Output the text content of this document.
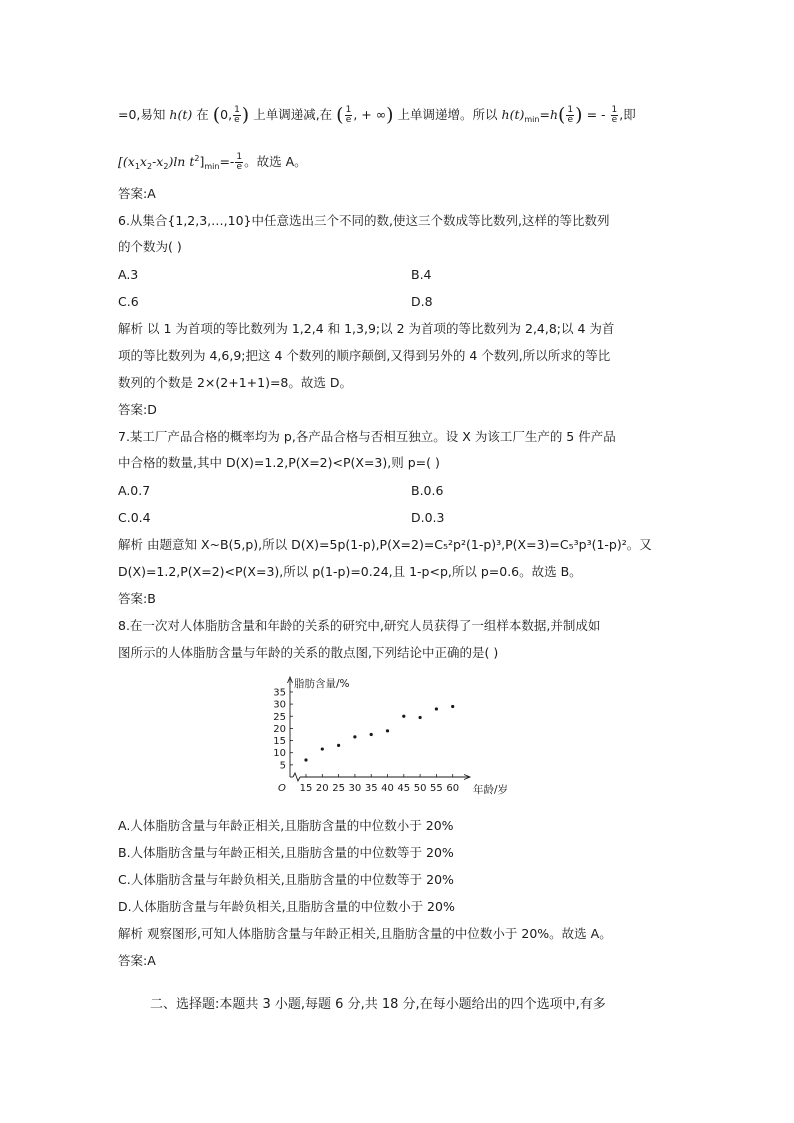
=0,易知 h(t) 在 (0, $\frac{1}{e}$ ) 上单调递减,在 ( $\frac{1}{e}$ , + ∞) 上单调递增。所以 $h(t)_{min}=h( \frac{1}{e}$ ) = - $\frac{1}{e}$ ,即
[$(x_1x_2-x_2)\ln$ $t^2]_{min}=- \frac{1}{e}$ 。故选 A。
答案:A
6.从集合{1,2,3,…,10}中任意选出三个不同的数,使这三个数成等比数列,这样的等比数列
的个数为( )
A.3	B.4
C.6	D.8
解析 以 1 为首项的等比数列为 1,2,4 和 1,3,9;以 2 为首项的等比数列为 2,4,8;以 4 为首
项的等比数列为 4,6,9;把这 4 个数列的顺序颠倒,又得到另外的 4 个数列,所以所求的等比
数列的个数是 2×(2+1+1)=8。故选 D。
答案:D
7.某工厂产品合格的概率均为 p,各产品合格与否相互独立。设 X 为该工厂生产的 5 件产品
中合格的数量,其中 D(X)=1.2,P(X=2)<P(X=3),则 p=( )
A.0.7	B.0.6
C.0.4	D.0.3
解析 由题意知 X~B(5,p),所以 D(X)=5p(1-p),P(X=2)=C₅²p²(1-p)³,P(X=3)=C₅³p³(1-p)²。又
D(X)=1.2,P(X=2)<P(X=3),所以 p(1-p)=0.24,且 1-p<p,所以 p=0.6。故选 B。
答案:B
8.在一次对人体脂肪含量和年龄的关系的研究中,研究人员获得了一组样本数据,并制成如
图所示的人体脂肪含量与年龄的关系的散点图,下列结论中正确的是( )
5
10
15
20
25
30
35
15 20 25 30 35 40 45 50 55 60
O
脂肪含量/%
年龄/岁
A.人体脂肪含量与年龄正相关,且脂肪含量的中位数小于 20%
B.人体脂肪含量与年龄正相关,且脂肪含量的中位数等于 20%
C.人体脂肪含量与年龄负相关,且脂肪含量的中位数等于 20%
D.人体脂肪含量与年龄负相关,且脂肪含量的中位数小于 20%
解析 观察图形,可知人体脂肪含量与年龄正相关,且脂肪含量的中位数小于 20%。故选 A。
答案:A
二、选择题:本题共 3 小题,每题 6 分,共 18 分,在每小题给出的四个选项中,有多
